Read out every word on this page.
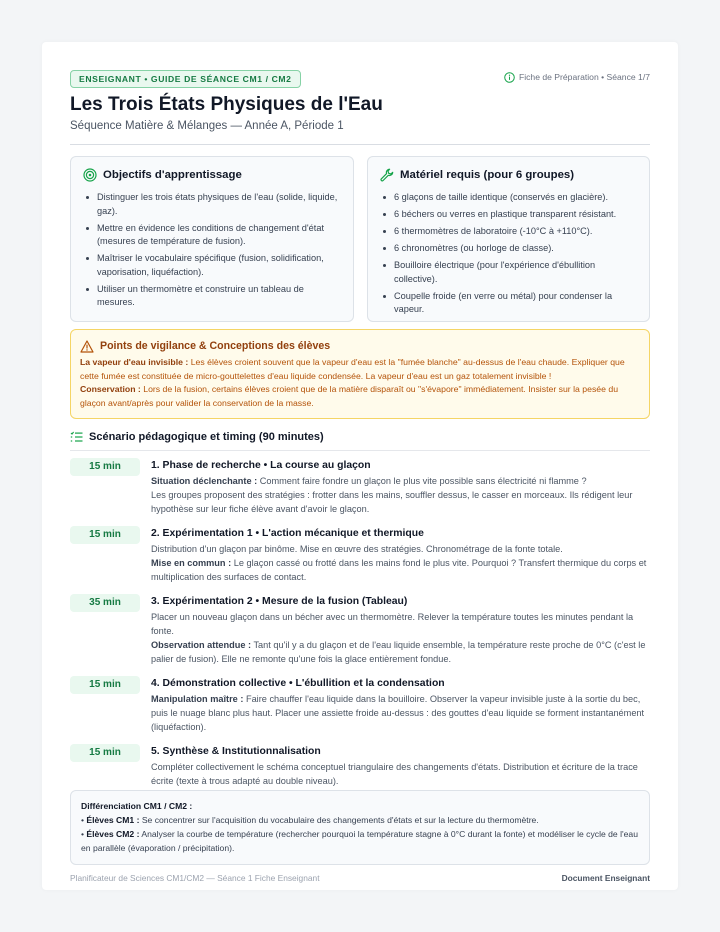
ENSEIGNANT • GUIDE DE SÉANCE CM1 / CM2	Fiche de Préparation • Séance 1/7
Les Trois États Physiques de l'Eau
Séquence Matière & Mélanges — Année A, Période 1
Objectifs d'apprentissage
Distinguer les trois états physiques de l'eau (solide, liquide, gaz).
Mettre en évidence les conditions de changement d'état (mesures de température de fusion).
Maîtriser le vocabulaire spécifique (fusion, solidification, vaporisation, liquéfaction).
Utiliser un thermomètre et construire un tableau de mesures.
Matériel requis (pour 6 groupes)
6 glaçons de taille identique (conservés en glacière).
6 béchers ou verres en plastique transparent résistant.
6 thermomètres de laboratoire (-10°C à +110°C).
6 chronomètres (ou horloge de classe).
Bouilloire électrique (pour l'expérience d'ébullition collective).
Coupelle froide (en verre ou métal) pour condenser la vapeur.
Points de vigilance & Conceptions des élèves

La vapeur d'eau invisible : Les élèves croient souvent que la vapeur d'eau est la "fumée blanche" au-dessus de l'eau chaude. Expliquer que cette fumée est constituée de micro-gouttelettes d'eau liquide condensée. La vapeur d'eau est un gaz totalement invisible !

Conservation : Lors de la fusion, certains élèves croient que de la matière disparaît ou "s'évapore" immédiatement. Insister sur la pesée du glaçon avant/après pour valider la conservation de la masse.

Scénario pédagogique et timing (90 minutes)
15 min	1. Phase de recherche • La course au glaçon

Situation déclenchante : Comment faire fondre un glaçon le plus vite possible sans électricité ni flamme ?

Les groupes proposent des stratégies : frotter dans les mains, souffler dessus, le casser en morceaux. Ils rédigent leur hypothèse sur leur fiche élève avant d'avoir le glaçon.

15 min	2. Expérimentation 1 • L'action mécanique et thermique

Distribution d'un glaçon par binôme. Mise en œuvre des stratégies. Chronométrage de la fonte totale.

Mise en commun : Le glaçon cassé ou frotté dans les mains fond le plus vite. Pourquoi ? Transfert thermique du corps et multiplication des surfaces de contact.

35 min	3. Expérimentation 2 • Mesure de la fusion (Tableau)

Placer un nouveau glaçon dans un bécher avec un thermomètre. Relever la température toutes les minutes pendant la fonte.

Observation attendue : Tant qu'il y a du glaçon et de l'eau liquide ensemble, la température reste proche de 0°C (c'est le palier de fusion). Elle ne remonte qu'une fois la glace entièrement fondue.

15 min	4. Démonstration collective • L'ébullition et la condensation

Manipulation maître : Faire chauffer l'eau liquide dans la bouilloire. Observer la vapeur invisible juste à la sortie du bec, puis le nuage blanc plus haut. Placer une assiette froide au-dessus : des gouttes d'eau liquide se forment instantanément (liquéfaction).

15 min	5. Synthèse & Institutionnalisation

Compléter collectivement le schéma conceptuel triangulaire des changements d'états. Distribution et écriture de la trace écrite (texte à trous adapté au double niveau).

Différenciation CM1 / CM2 :

• Élèves CM1 : Se concentrer sur l'acquisition du vocabulaire des changements d'états et sur la lecture du thermomètre.

• Élèves CM2 : Analyser la courbe de température (rechercher pourquoi la température stagne à 0°C durant la fonte) et modéliser le cycle de l'eau en parallèle (évaporation / précipitation).

Planificateur de Sciences CM1/CM2 — Séance 1 Fiche Enseignant	Document Enseignant
